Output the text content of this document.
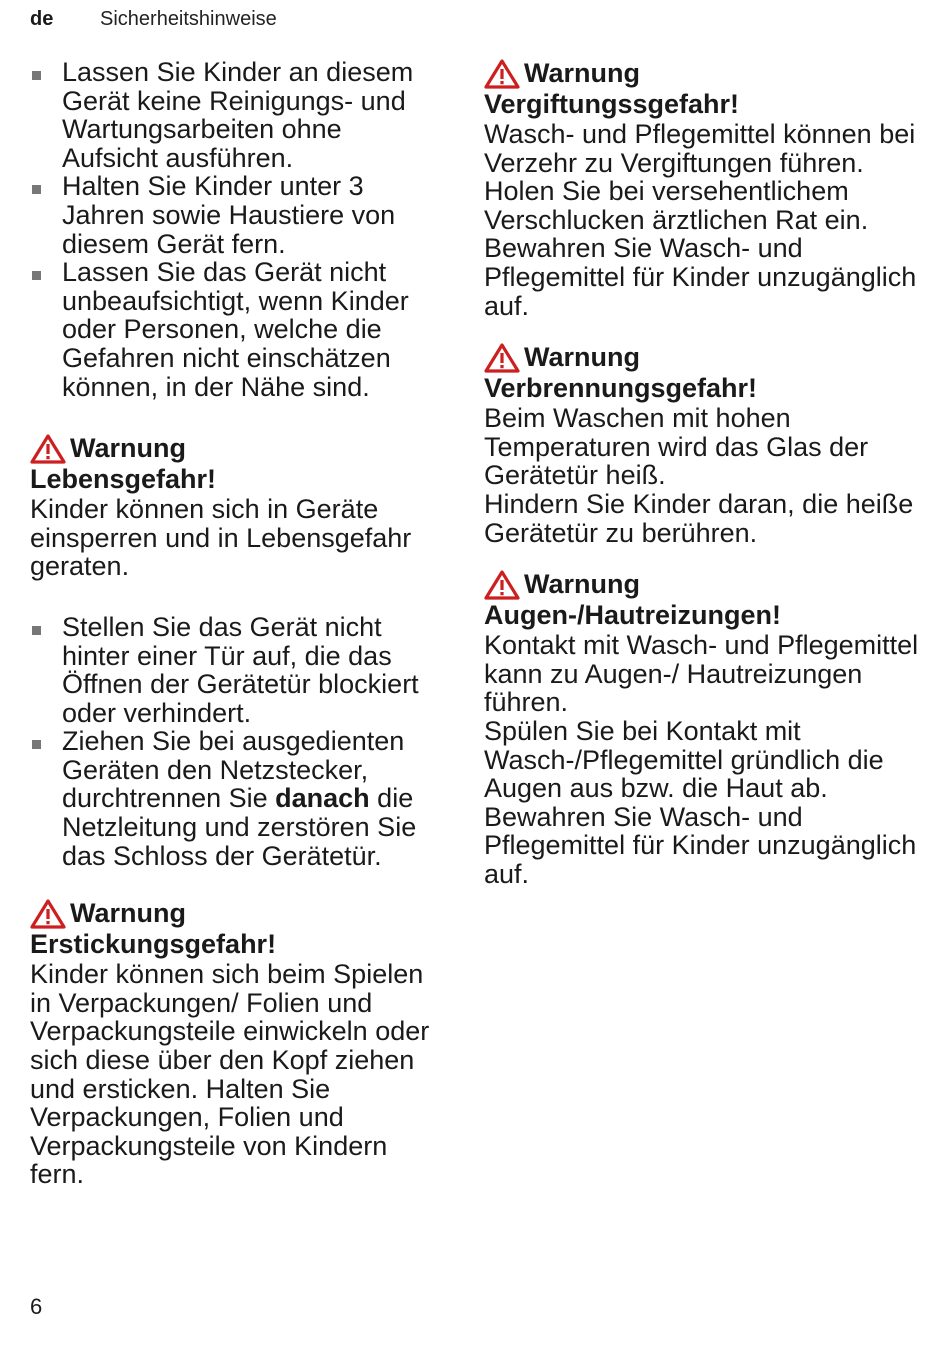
de Sicherheitshinweise
Lassen Sie Kinder an diesem Gerät keine Reinigungs- und Wartungsarbeiten ohne Aufsicht ausführen.
Halten Sie Kinder unter 3 Jahren sowie Haustiere von diesem Gerät fern.
Lassen Sie das Gerät nicht unbeaufsichtigt, wenn Kinder oder Personen, welche die Gefahren nicht einschätzen können, in der Nähe sind.
Warnung
Lebensgefahr!

Kinder können sich in Geräte einsperren und in Lebensgefahr geraten.

Stellen Sie das Gerät nicht hinter einer Tür auf, die das Öffnen der Gerätetür blockiert oder verhindert.
Ziehen Sie bei ausgedienten Geräten den Netzstecker, durchtrennen Sie danach die Netzleitung und zerstören Sie das Schloss der Gerätetür.
Warnung
Erstickungsgefahr!

Kinder können sich beim Spielen in Verpackungen/ Folien und Verpackungsteile einwickeln oder sich diese über den Kopf ziehen und ersticken. Halten Sie Verpackungen, Folien und Verpackungsteile von Kindern fern.

Warnung
Vergiftungssgefahr!

Wasch- und Pflegemittel können bei Verzehr zu Vergiftungen führen.

Holen Sie bei versehentlichem Verschlucken ärztlichen Rat ein. Bewahren Sie Wasch- und Pflegemittel für Kinder unzugänglich auf.

Warnung
Verbrennungsgefahr!

Beim Waschen mit hohen Temperaturen wird das Glas der Gerätetür heiß.

Hindern Sie Kinder daran, die heiße Gerätetür zu berühren.

Warnung
Augen-/Hautreizungen!

Kontakt mit Wasch- und Pflegemittel kann zu Augen-/ Hautreizungen führen.

Spülen Sie bei Kontakt mit Wasch-/Pflegemittel gründlich die Augen aus bzw. die Haut ab. Bewahren Sie Wasch- und Pflegemittel für Kinder unzugänglich auf.

6
